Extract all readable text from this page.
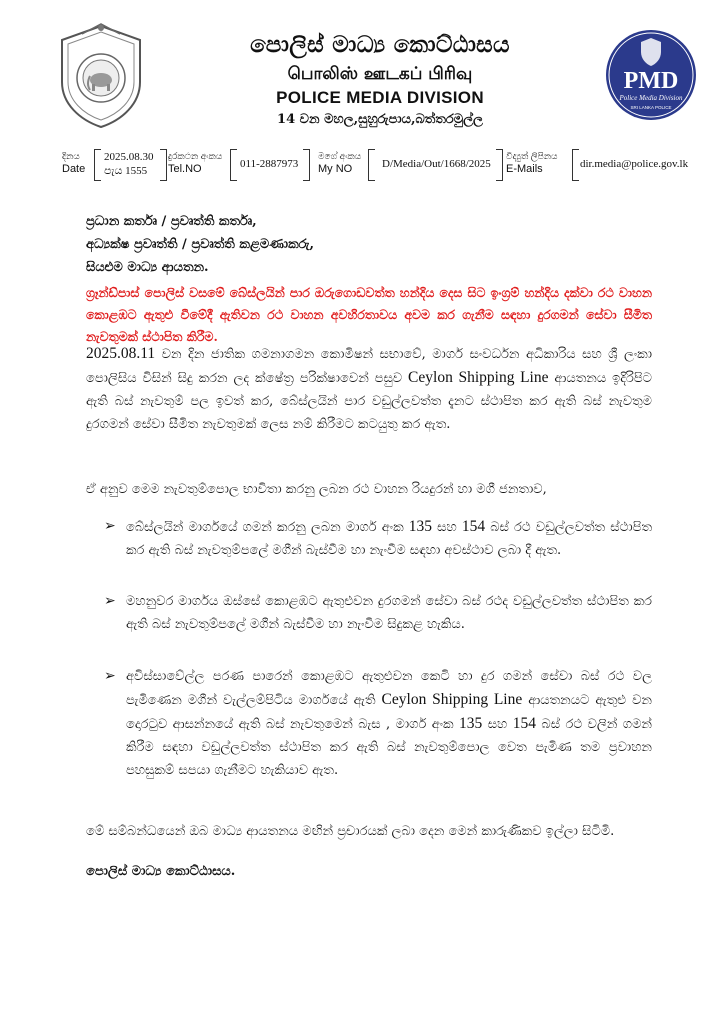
පොලිස් මාධ්‍ය කොට්ඨාසය
பொலிஸ் ஊடகப் பிரிவு
POLICE MEDIA DIVISION
14 වන මහල,සුහුරුපාය,බත්තරමුල්ල
PMD
Police Media Division
SRI LANKA POLICE
දිනය
Date
2025.08.30
පැය 1555
දුරකථන අංකය
Tel.NO	011-2887973
මගේ අංකය
My NO	D/Media/Out/1668/2025
විද්‍යුත් ලිපිනය
E-Mails	dir.media@police.gov.lk
ප්‍රධාන කර්තෘ / ප්‍රවෘත්ති කර්තෘ,
අධ්‍යක්ෂ ප්‍රවෘත්ති / ප්‍රවෘත්ති කළමණාකරු,
සියළුම මාධ්‍ය ආයතන.
ග්‍රෑන්ඩ්පාස් පොලිස් වසමේ බේස්ලයින් පාර ඔරුගොඩවත්ත හන්දිය දෙස සිට ඉංග්‍රම් හන්දිය දක්වා රථ වාහන කොළඹට ඇතුළු වීමේදී ඇතිවන රථ වාහන අවහිරතාවය අවම කර ගැනීම සඳහා දුරගමන් සේවා සීමිත නැවතුමක් ස්ථාපිත කිරීම.
2025.08.11 වන දින ජාතික ගමනාගමන කොමිෂන් සභාවේ, මාර්ග සංවර්ධන අධිකාරිය සහ ශ්‍රී ලංකා පොලිසිය විසින් සිදු කරන ලද ක්ෂේත්‍ර පරික්ෂාවෙන් පසුව Ceylon Shipping Line ආයතනය ඉදිරිපිට ඇති බස් නැවතුම් පල ඉවත් කර, බේස්ලයින් පාර වඩුල්ලවත්ත දැනට ස්ථාපිත කර ඇති බස් නැවතුම දුරගමන් සේවා සීමිත නැවතුමක් ලෙස නම් කිරීමට කටයුතු කර ඇත.
ඒ අනුව මෙම නැවතුම්පොල භාවිතා කරනු ලබන රථ වාහන රියදුරන් හා මගී ජනතාව,
➢ බේස්ලයින් මාර්ගයේ ගමන් කරනු ලබන මාර්ග අංක 135 සහ 154 බස් රථ වඩුල්ලවත්ත ස්ථාපිත කර ඇති බස් නැවතුම්පලේ මගීන් බැස්වීම හා නැංවීම සඳහා අවස්ථාව ලබා දී ඇත.
➢ මහනුවර මාර්ගය ඔස්සේ කොළඹට ඇතුළුවන දුරගමන් සේවා බස් රථද වඩුල්ලවත්ත ස්ථාපිත කර ඇති බස් නැවතුම්පලේ මගීන් බැස්වීම හා නැංවීම සිදුකළ හැකිය.
➢ අවිස්සාවේල්ල පරණ පාරෙන් කොළඹට ඇතුළුවන කෙටි හා දුර ගමන් සේවා බස් රථ වල පැමිණෙන මගීන් වැල්ලම්පිටිය මාර්ගයේ ඇති Ceylon Shipping Line ආයතනයට ඇතුළු වන දොරටුව ආසන්නයේ ඇති බස් නැවතුමෙන් බැස , මාර්ග අංක 135 සහ 154 බස් රථ වලින් ගමන් කිරීම සඳහා වඩුල්ලවත්ත ස්ථාපිත කර ඇති බස් නැවතුම්පොල වෙත පැමිණ තම ප්‍රවාහන පහසුකම් සපයා ගැනීමට හැකියාව ඇත.
මේ සම්බන්ධයෙන් ඔබ මාධ්‍ය ආයතනය මඟින් ප්‍රචාරයක් ලබා දෙන මෙන් කාරුණිකව ඉල්ලා සිටිමි.
පොලිස් මාධ්‍ය කොට්ඨාසය.
